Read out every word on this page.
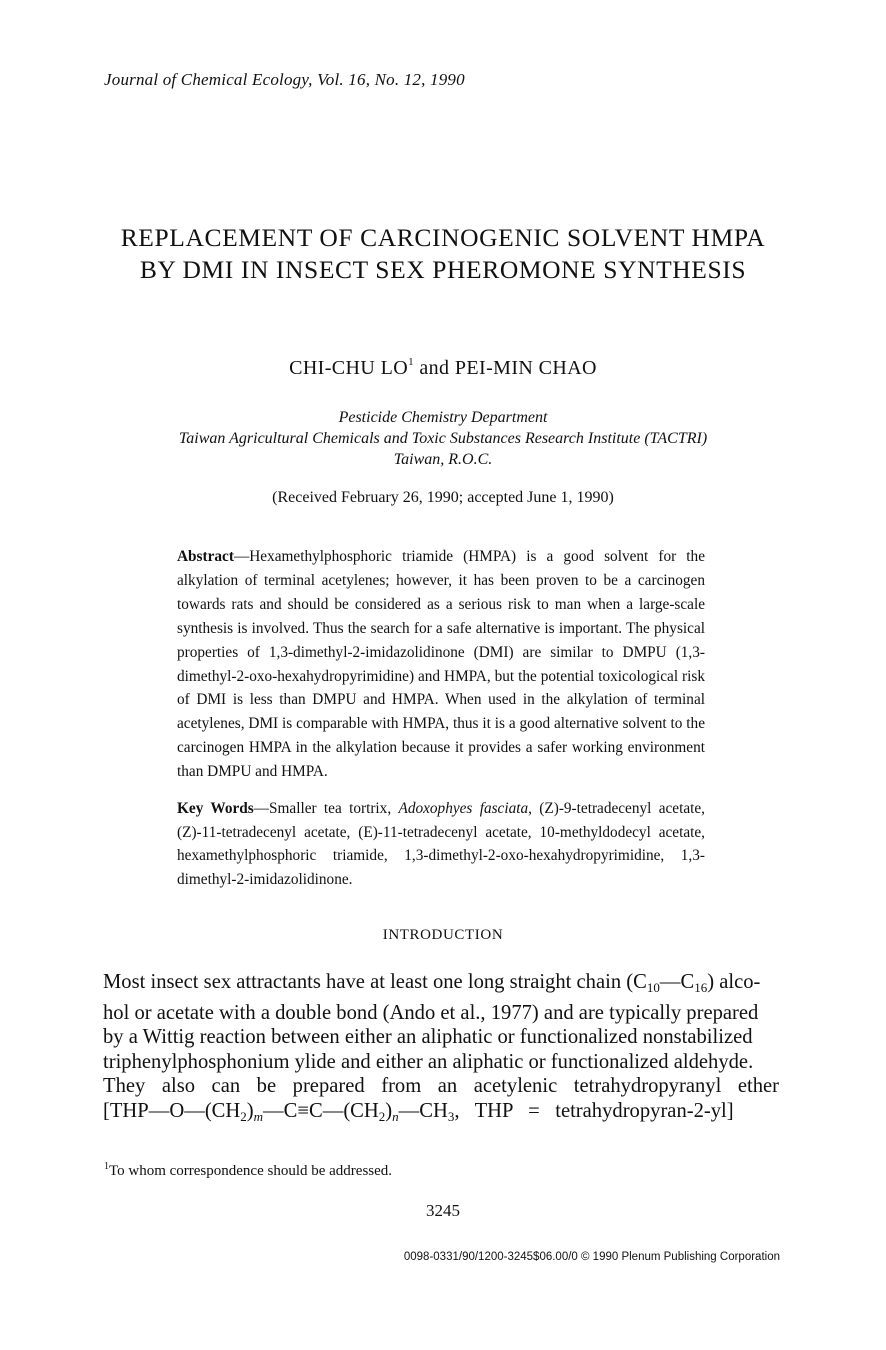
Journal of Chemical Ecology, Vol. 16, No. 12, 1990
REPLACEMENT OF CARCINOGENIC SOLVENT HMPA
BY DMI IN INSECT SEX PHEROMONE SYNTHESIS
CHI-CHU $LO^1$ and PEI-MIN CHAO
Pesticide Chemistry Department
Taiwan Agricultural Chemicals and Toxic Substances Research Institute (TACTRI)
Taiwan, R.O.C.
(Received February 26, 1990; accepted June 1, 1990)
Abstract—Hexamethylphosphoric triamide (HMPA) is a good solvent for the alkylation of terminal acetylenes; however, it has been proven to be a carcinogen towards rats and should be considered as a serious risk to man when a large-scale synthesis is involved. Thus the search for a safe alternative is important. The physical properties of 1,3-dimethyl-2-imidazolidinone (DMI) are similar to DMPU (1,3-dimethyl-2-oxo-hexahydropyrimidine) and HMPA, but the potential toxicological risk of DMI is less than DMPU and HMPA. When used in the alkylation of terminal acetylenes, DMI is comparable with HMPA, thus it is a good alternative solvent to the carcinogen HMPA in the alkylation because it provides a safer working environment than DMPU and HMPA.
Key Words—Smaller tea tortrix, Adoxophyes fasciata, (Z)-9-tetradecenyl acetate, (Z)-11-tetradecenyl acetate, (E)-11-tetradecenyl acetate, 10-methyldodecyl acetate, hexamethylphosphoric triamide, 1,3-dimethyl-2-oxo-hexahydropyrimidine, 1,3-dimethyl-2-imidazolidinone.
INTRODUCTION
Most insect sex attractants have at least one long straight chain $(C_{10}—C_{16})$ alco-
hol or acetate with a double bond (Ando et al., 1977) and are typically prepared
by a Wittig reaction between either an aliphatic or functionalized nonstabilized
triphenylphosphonium ylide and either an aliphatic or functionalized aldehyde.
They also can be prepared from an acetylenic tetrahydropyranyl ether
[$THP—O—(CH_2)_m—C\equiv C—(CH_2)_n—CH_3$,   THP   =   tetrahydropyran-2-yl]
$^1$To whom correspondence should be addressed.
3245
0098-0331/90/1200-3245$06.00/0 © 1990 Plenum Publishing Corporation
